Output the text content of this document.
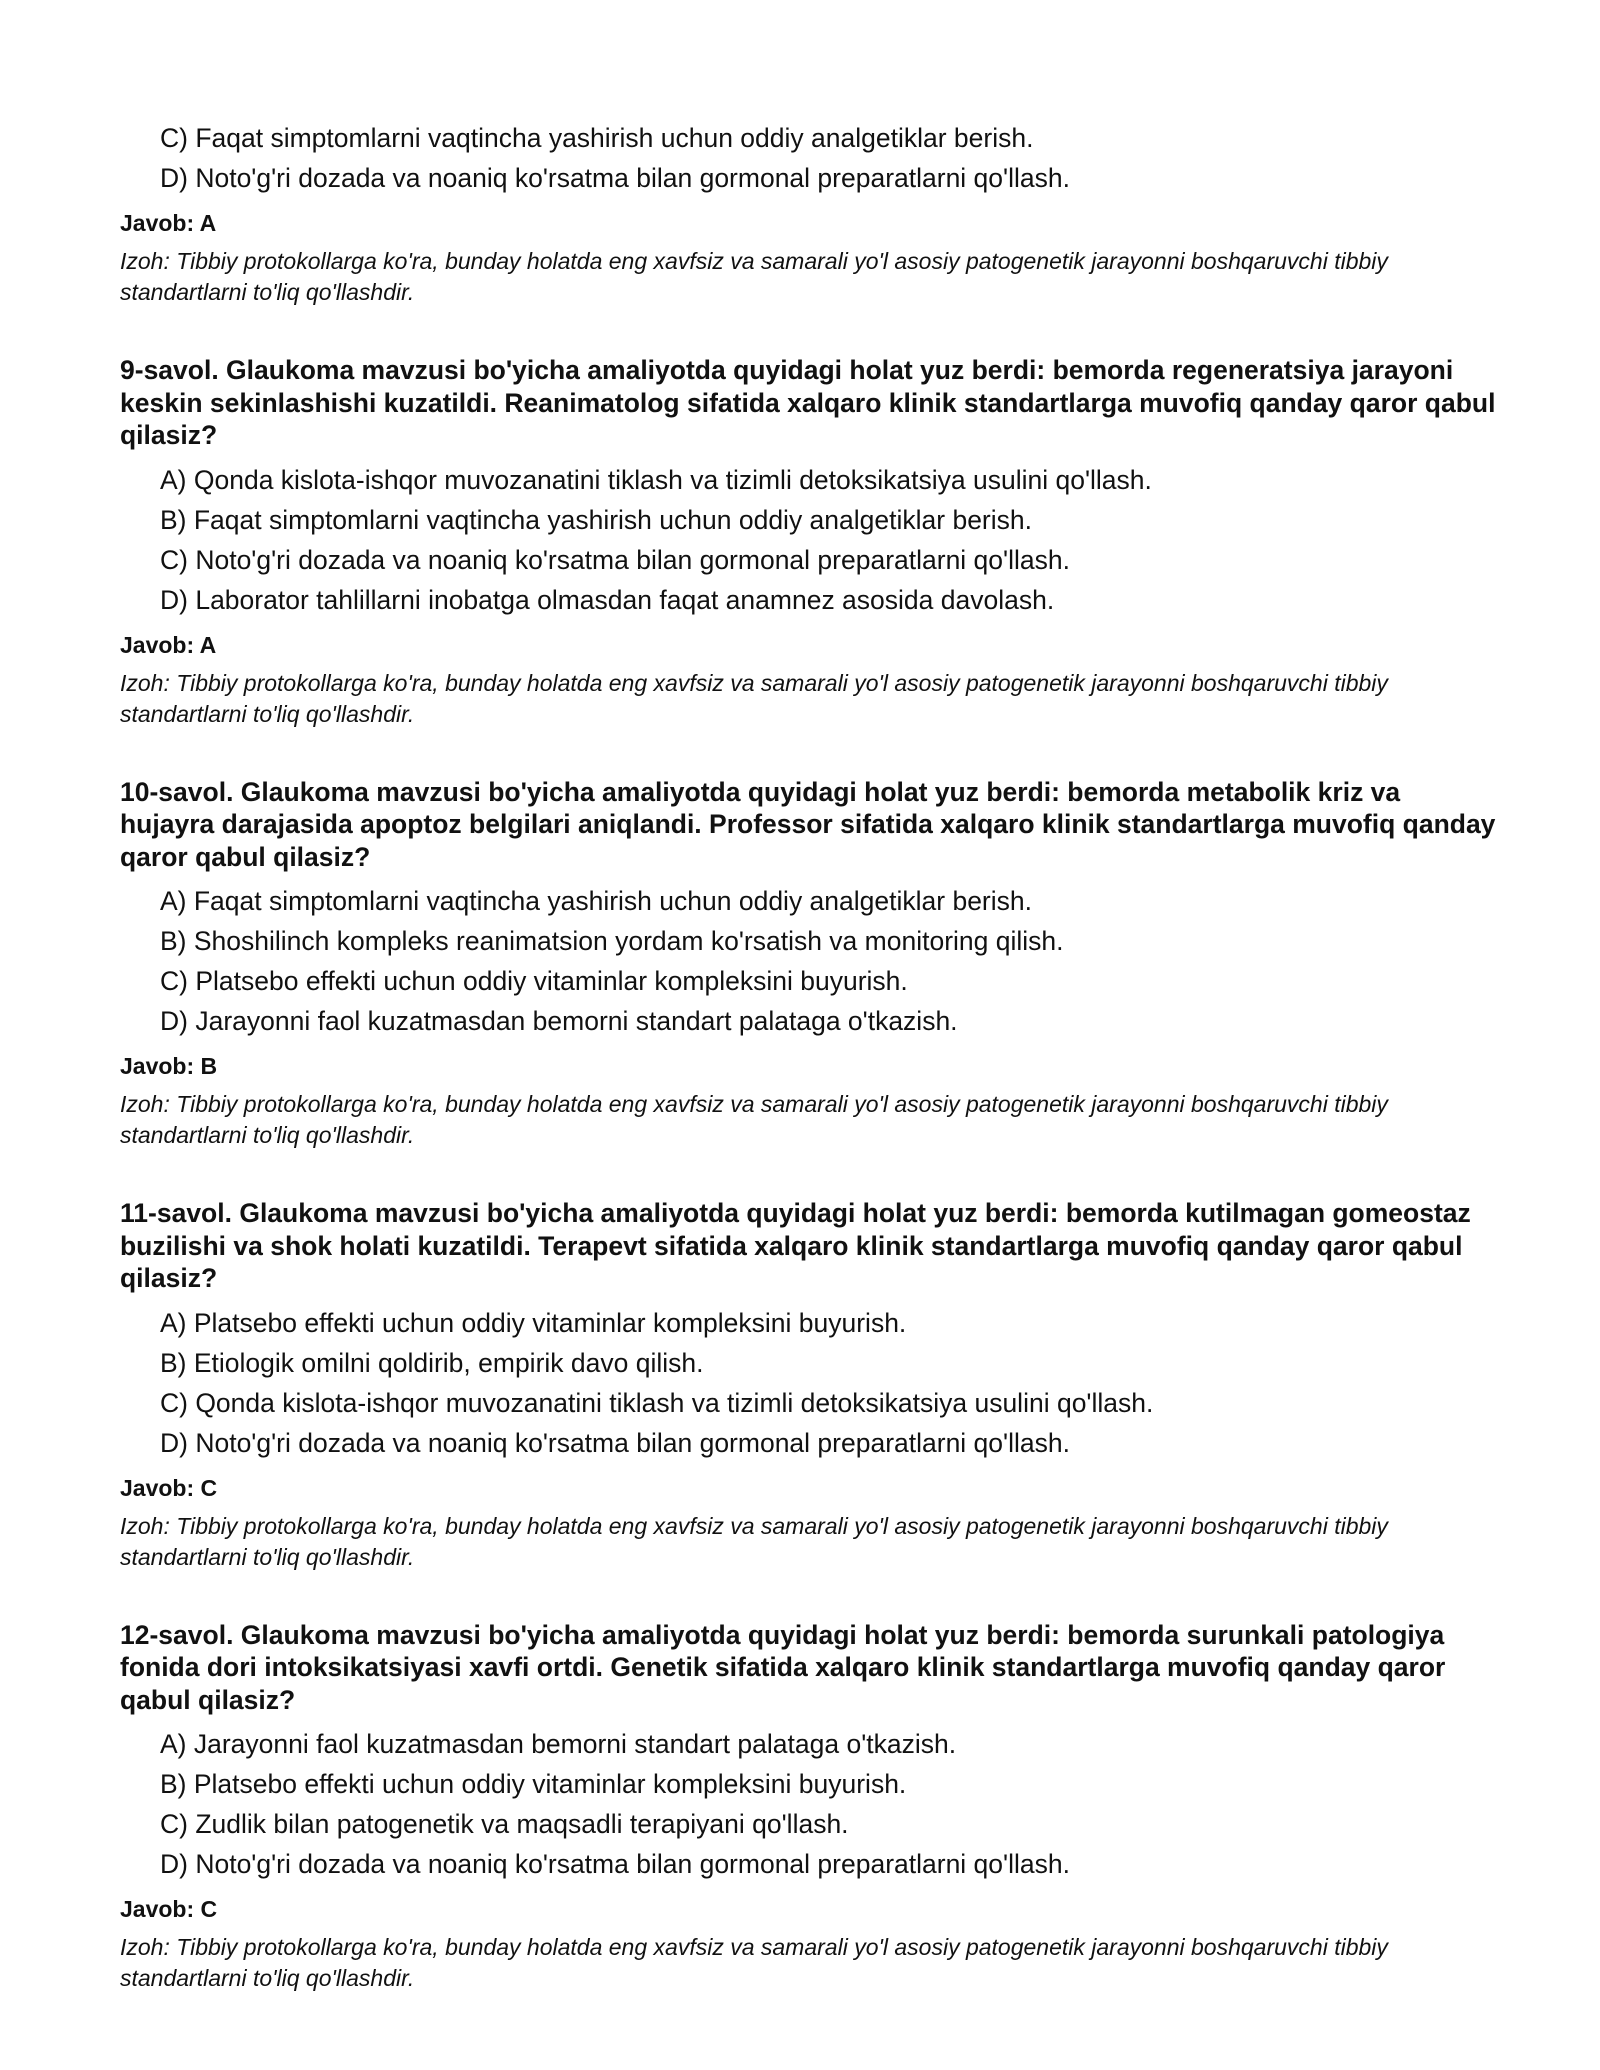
C) Faqat simptomlarni vaqtincha yashirish uchun oddiy analgetiklar berish.

D) Noto'g'ri dozada va noaniq ko'rsatma bilan gormonal preparatlarni qo'llash.

Javob: A

Izoh: Tibbiy protokollarga ko'ra, bunday holatda eng xavfsiz va samarali yo'l asosiy patogenetik jarayonni boshqaruvchi tibbiy standartlarni to'liq qo'llashdir.

9-savol. Glaukoma mavzusi bo'yicha amaliyotda quyidagi holat yuz berdi: bemorda regeneratsiya jarayoni keskin sekinlashishi kuzatildi. Reanimatolog sifatida xalqaro klinik standartlarga muvofiq qanday qaror qabul qilasiz?

A) Qonda kislota-ishqor muvozanatini tiklash va tizimli detoksikatsiya usulini qo'llash.

B) Faqat simptomlarni vaqtincha yashirish uchun oddiy analgetiklar berish.

C) Noto'g'ri dozada va noaniq ko'rsatma bilan gormonal preparatlarni qo'llash.

D) Laborator tahlillarni inobatga olmasdan faqat anamnez asosida davolash.

Javob: A

Izoh: Tibbiy protokollarga ko'ra, bunday holatda eng xavfsiz va samarali yo'l asosiy patogenetik jarayonni boshqaruvchi tibbiy standartlarni to'liq qo'llashdir.

10-savol. Glaukoma mavzusi bo'yicha amaliyotda quyidagi holat yuz berdi: bemorda metabolik kriz va hujayra darajasida apoptoz belgilari aniqlandi. Professor sifatida xalqaro klinik standartlarga muvofiq qanday qaror qabul qilasiz?

A) Faqat simptomlarni vaqtincha yashirish uchun oddiy analgetiklar berish.

B) Shoshilinch kompleks reanimatsion yordam ko'rsatish va monitoring qilish.

C) Platsebo effekti uchun oddiy vitaminlar kompleksini buyurish.

D) Jarayonni faol kuzatmasdan bemorni standart palataga o'tkazish.

Javob: B

Izoh: Tibbiy protokollarga ko'ra, bunday holatda eng xavfsiz va samarali yo'l asosiy patogenetik jarayonni boshqaruvchi tibbiy standartlarni to'liq qo'llashdir.

11-savol. Glaukoma mavzusi bo'yicha amaliyotda quyidagi holat yuz berdi: bemorda kutilmagan gomeostaz buzilishi va shok holati kuzatildi. Terapevt sifatida xalqaro klinik standartlarga muvofiq qanday qaror qabul qilasiz?

A) Platsebo effekti uchun oddiy vitaminlar kompleksini buyurish.

B) Etiologik omilni qoldirib, empirik davo qilish.

C) Qonda kislota-ishqor muvozanatini tiklash va tizimli detoksikatsiya usulini qo'llash.

D) Noto'g'ri dozada va noaniq ko'rsatma bilan gormonal preparatlarni qo'llash.

Javob: C

Izoh: Tibbiy protokollarga ko'ra, bunday holatda eng xavfsiz va samarali yo'l asosiy patogenetik jarayonni boshqaruvchi tibbiy standartlarni to'liq qo'llashdir.

12-savol. Glaukoma mavzusi bo'yicha amaliyotda quyidagi holat yuz berdi: bemorda surunkali patologiya fonida dori intoksikatsiyasi xavfi ortdi. Genetik sifatida xalqaro klinik standartlarga muvofiq qanday qaror qabul qilasiz?

A) Jarayonni faol kuzatmasdan bemorni standart palataga o'tkazish.

B) Platsebo effekti uchun oddiy vitaminlar kompleksini buyurish.

C) Zudlik bilan patogenetik va maqsadli terapiyani qo'llash.

D) Noto'g'ri dozada va noaniq ko'rsatma bilan gormonal preparatlarni qo'llash.

Javob: C

Izoh: Tibbiy protokollarga ko'ra, bunday holatda eng xavfsiz va samarali yo'l asosiy patogenetik jarayonni boshqaruvchi tibbiy standartlarni to'liq qo'llashdir.
